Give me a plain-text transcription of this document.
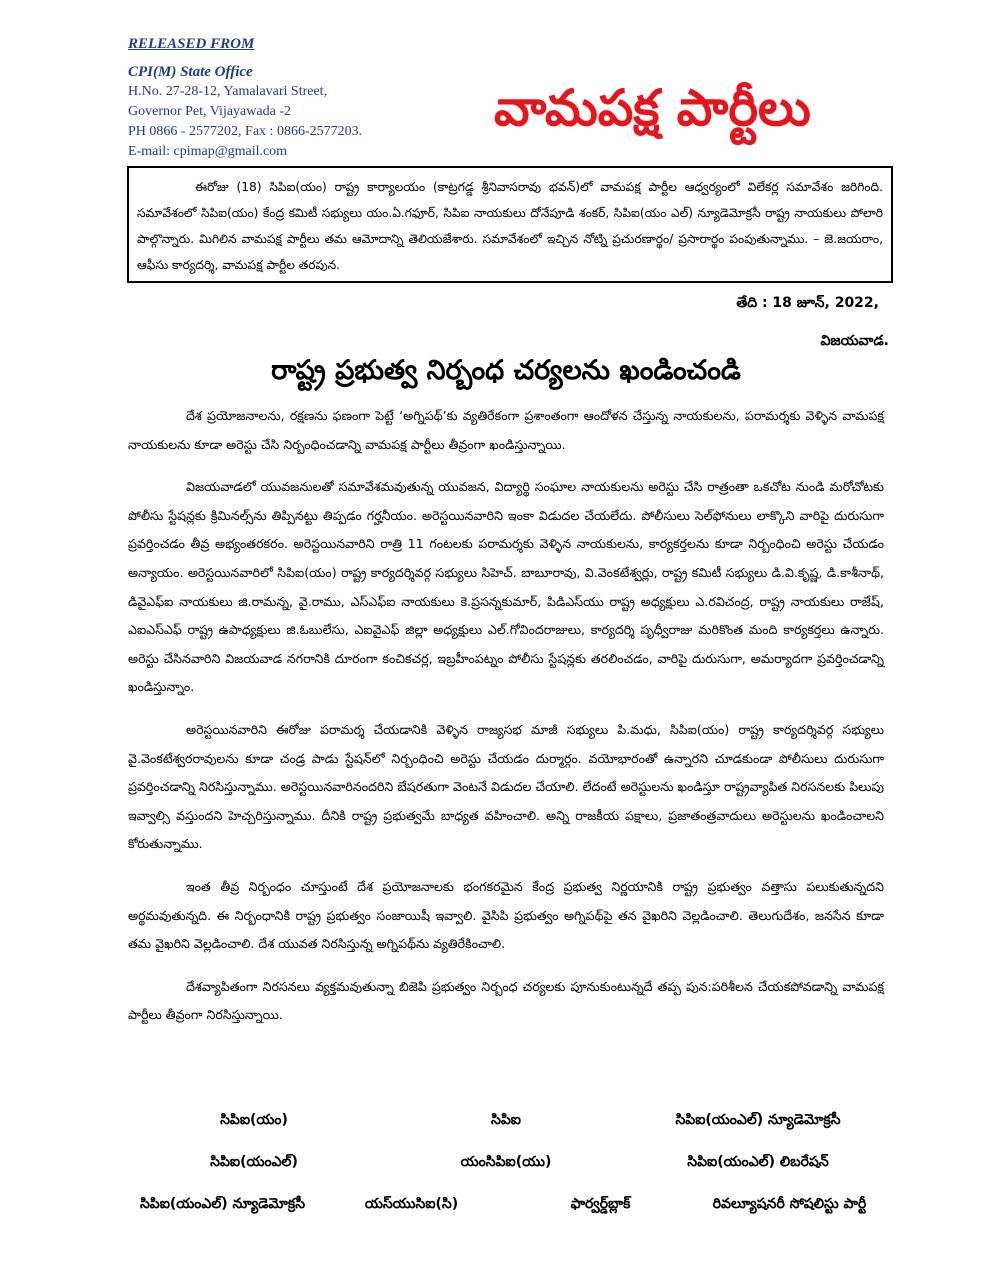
RELEASED FROM
CPI(M) State Office
H.No. 27-28-12, Yamalavari Street,
Governor Pet, Vijayawada -2
PH 0866 - 2577202, Fax : 0866-2577203.
E-mail: cpimap@gmail.com
వామపక్ష పార్టీలు

ఈరోజు (18) సిపిఐ(యం) రాష్ట్ర కార్యాలయం (కాట్రగడ్డ శ్రీనివాసరావు భవన్)లో వామపక్ష పార్టీల ఆధ్వర్యంలో విలేకర్ల సమావేశం జరిగింది. సమావేశంలో సిపిఐ(యం) కేంద్ర కమిటీ సభ్యులు యం.ఏ.గఫూర్, సిపిఐ నాయకులు దోనేపూడి శంకర్, సిపిఐ(యం ఎల్) న్యూడెమోక్రసీ రాష్ట్ర నాయకులు పోలారి పాల్గొన్నారు. మిగిలిన వామపక్ష పార్టీలు తమ ఆమోదాన్ని తెలియజేశారు. సమావేశంలో ఇచ్చిన నోట్ని ప్రచురణార్థం/ ప్రసారార్థం పంపుతున్నాము. – జె.జయరాం, ఆఫీసు కార్యదర్శి, వామపక్ష పార్టీల తరపున.

తేది : 18 జూన్, 2022,
విజయవాడ.
రాష్ట్ర ప్రభుత్వ నిర్బంధ చర్యలను ఖండించండి

దేశ ప్రయోజనాలను, రక్షణను ఫణంగా పెట్టే ‘అగ్నిపథ్’కు వ్యతిరేకంగా ప్రశాంతంగా ఆందోళన చేస్తున్న నాయకులను, పరామర్శకు వెళ్ళిన వామపక్ష నాయకులను కూడా అరెస్టు చేసి నిర్బంధించడాన్ని వామపక్ష పార్టీలు తీవ్రంగా ఖండిస్తున్నాయి.

విజయవాడలో యువజనులతో సమావేశమవుతున్న యువజన, విద్యార్థి సంఘాల నాయకులను అరెస్టు చేసి రాత్రంతా ఒకచోట నుండి మరోచోటకు పోలీసు స్టేషన్లకు క్రిమినల్స్‌ను తిప్పినట్టు తిప్పడం గర్హనీయం. అరెస్టయినవారిని ఇంకా విడుదల చేయలేదు. పోలీసులు సెల్‌ఫోనులు లాక్కొని వారిపై దురుసుగా ప్రవర్తించడం తీవ్ర అభ్యంతరకరం. అరెస్టయినవారిని రాత్రి 11 గంటలకు పరామర్శకు వెళ్ళిన నాయకులను, కార్యకర్తలను కూడా నిర్బంధించి అరెస్టు చేయడం అన్యాయం. అరెస్టయినవారిలో సిపిఐ(యం) రాష్ట్ర కార్యదర్శివర్గ సభ్యులు సిహెచ్. బాబూరావు, వి.వెంకటేశ్వర్లు, రాష్ట్ర కమిటీ సభ్యులు డి.వి.కృష్ణ, డి.కాశీనాథ్, డివైఎఫ్ఐ నాయకులు జి.రామన్న, వై.రాము, ఎస్‌ఎఫ్ఐ నాయకులు కె.ప్రసన్నకుమార్, పిడిఎస్‌యు రాష్ట్ర అధ్యక్షులు ఎ.రవిచంద్ర, రాష్ట్ర నాయకులు రాజేష్, ఎఐఎస్ఎఫ్ రాష్ట్ర ఉపాధ్యక్షులు జి.ఓబులేసు, ఎఐవైఎఫ్ జిల్లా అధ్యక్షులు ఎల్.గోవిందరాజులు, కార్యదర్శి పృధ్వీరాజు మరికొంత మంది కార్యకర్తలు ఉన్నారు. అరెస్టు చేసినవారిని విజయవాడ నగరానికి దూరంగా కంచికచర్ల, ఇబ్రహీంపట్నం పోలీసు స్టేషన్లకు తరలించడం, వారిపై దురుసుగా, అమర్యాదగా ప్రవర్తించడాన్ని ఖండిస్తున్నాం.

అరెస్టయినవారిని ఈరోజు పరామర్శ చేయడానికి వెళ్ళిన రాజ్యసభ మాజీ సభ్యులు పి.మధు, సిపిఐ(యం) రాష్ట్ర కార్యదర్శివర్గ సభ్యులు వై.వెంకటేశ్వరరావులను కూడా చండ్ర పాడు స్టేషన్‌లో నిర్బంధించి అరెస్టు చేయడం దుర్మార్గం. వయోభారంతో ఉన్నారని చూడకుండా పోలీసులు దురుసుగా ప్రవర్తించడాన్ని నిరసిస్తున్నాము. అరెస్టయినవారినందరిని బేషరతుగా వెంటనే విడుదల చేయాలి. లేదంటే అరెస్టులను ఖండిస్తూ రాష్ట్రవ్యాపిత నిరసనలకు పిలుపు ఇవ్వాల్సి వస్తుందని హెచ్చరిస్తున్నాము. దీనికి రాష్ట్ర ప్రభుత్వమే బాధ్యత వహించాలి. అన్ని రాజకీయ పక్షాలు, ప్రజాతంత్రవాదులు అరెస్టులను ఖండించాలని కోరుతున్నాము.

ఇంత తీవ్ర నిర్బంధం చూస్తుంటే దేశ ప్రయోజనాలకు భంగకరమైన కేంద్ర ప్రభుత్వ నిర్ణయానికి రాష్ట్ర ప్రభుత్వం వత్తాసు పలుకుతున్నదని అర్థమవుతున్నది. ఈ నిర్బంధానికి రాష్ట్ర ప్రభుత్వం సంజాయిషీ ఇవ్వాలి. వైసిపి ప్రభుత్వం అగ్నిపథ్‌పై తన వైఖరిని వెల్లడించాలి. తెలుగుదేశం, జనసేన కూడా తమ వైఖరిని వెల్లడించాలి. దేశ యువత నిరసిస్తున్న అగ్నిపథ్‌ను వ్యతిరేకించాలి.

దేశవ్యాపితంగా నిరసనలు వ్యక్తమవుతున్నా బిజెపి ప్రభుత్వం నిర్బంధ చర్యలకు పూనుకుంటున్నదే తప్ప పున:పరిశీలన చేయకపోవడాన్ని వామపక్ష పార్టీలు తీవ్రంగా నిరసిస్తున్నాయి.

సిపిఐ(యం)	సిపిఐ	సిపిఐ(యంఎల్) న్యూడెమోక్రసీ
సిపిఐ(యంఎల్)	యంసిపిఐ(యు)	సిపిఐ(యంఎల్) లిబరేషన్
సిపిఐ(యంఎల్) న్యూడెమోక్రసీ	యస్‌యుసిఐ(సి)	ఫార్వర్డ్‌బ్లాక్	రివల్యూషనరీ సోషలిస్టు పార్టీ
